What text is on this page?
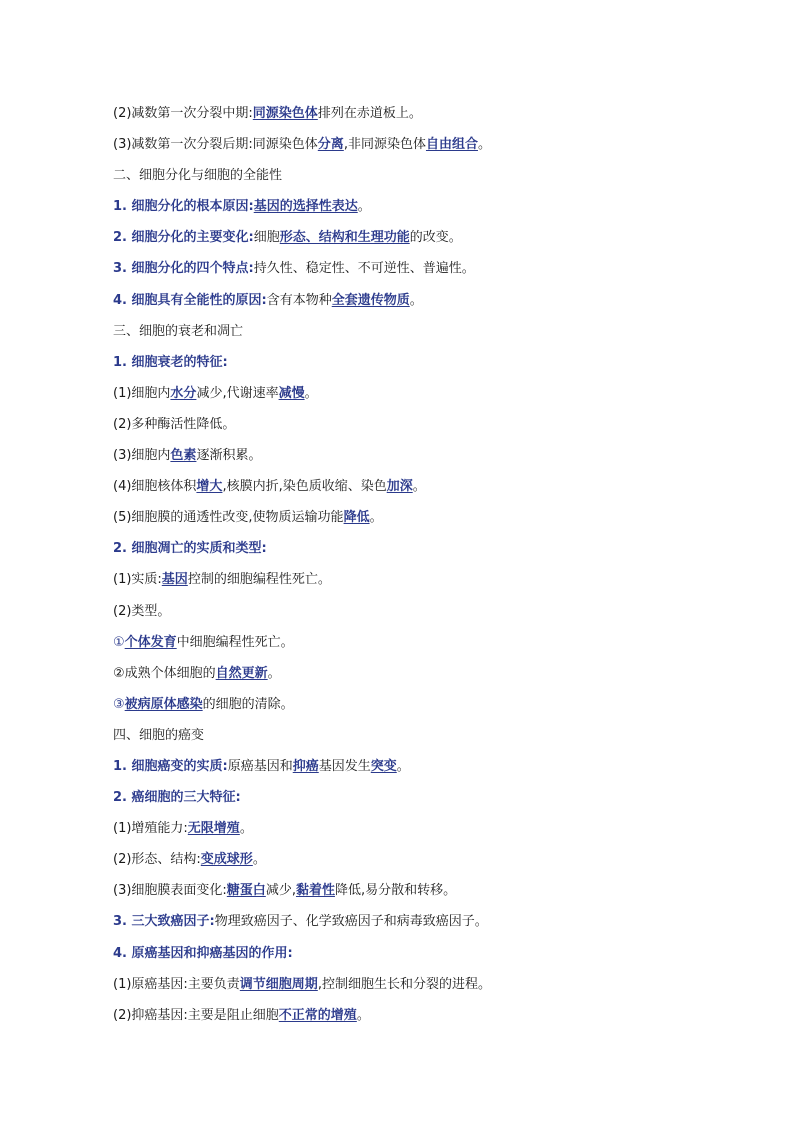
(2)减数第一次分裂中期:同源染色体排列在赤道板上。
(3)减数第一次分裂后期:同源染色体分离,非同源染色体自由组合。
二、细胞分化与细胞的全能性
1. 细胞分化的根本原因:基因的选择性表达。
2. 细胞分化的主要变化:细胞形态、结构和生理功能的改变。
3. 细胞分化的四个特点:持久性、稳定性、不可逆性、普遍性。
4. 细胞具有全能性的原因:含有本物种全套遗传物质。
三、细胞的衰老和凋亡
1. 细胞衰老的特征:
(1)细胞内水分减少,代谢速率减慢。
(2)多种酶活性降低。
(3)细胞内色素逐渐积累。
(4)细胞核体积增大,核膜内折,染色质收缩、染色加深。
(5)细胞膜的通透性改变,使物质运输功能降低。
2. 细胞凋亡的实质和类型:
(1)实质:基因控制的细胞编程性死亡。
(2)类型。
①个体发育中细胞编程性死亡。
②成熟个体细胞的自然更新。
③被病原体感染的细胞的清除。
四、细胞的癌变
1. 细胞癌变的实质:原癌基因和抑癌基因发生突变。
2. 癌细胞的三大特征:
(1)增殖能力:无限增殖。
(2)形态、结构:变成球形。
(3)细胞膜表面变化:糖蛋白减少,黏着性降低,易分散和转移。
3. 三大致癌因子:物理致癌因子、化学致癌因子和病毒致癌因子。
4. 原癌基因和抑癌基因的作用:
(1)原癌基因:主要负责调节细胞周期,控制细胞生长和分裂的进程。
(2)抑癌基因:主要是阻止细胞不正常的增殖。
